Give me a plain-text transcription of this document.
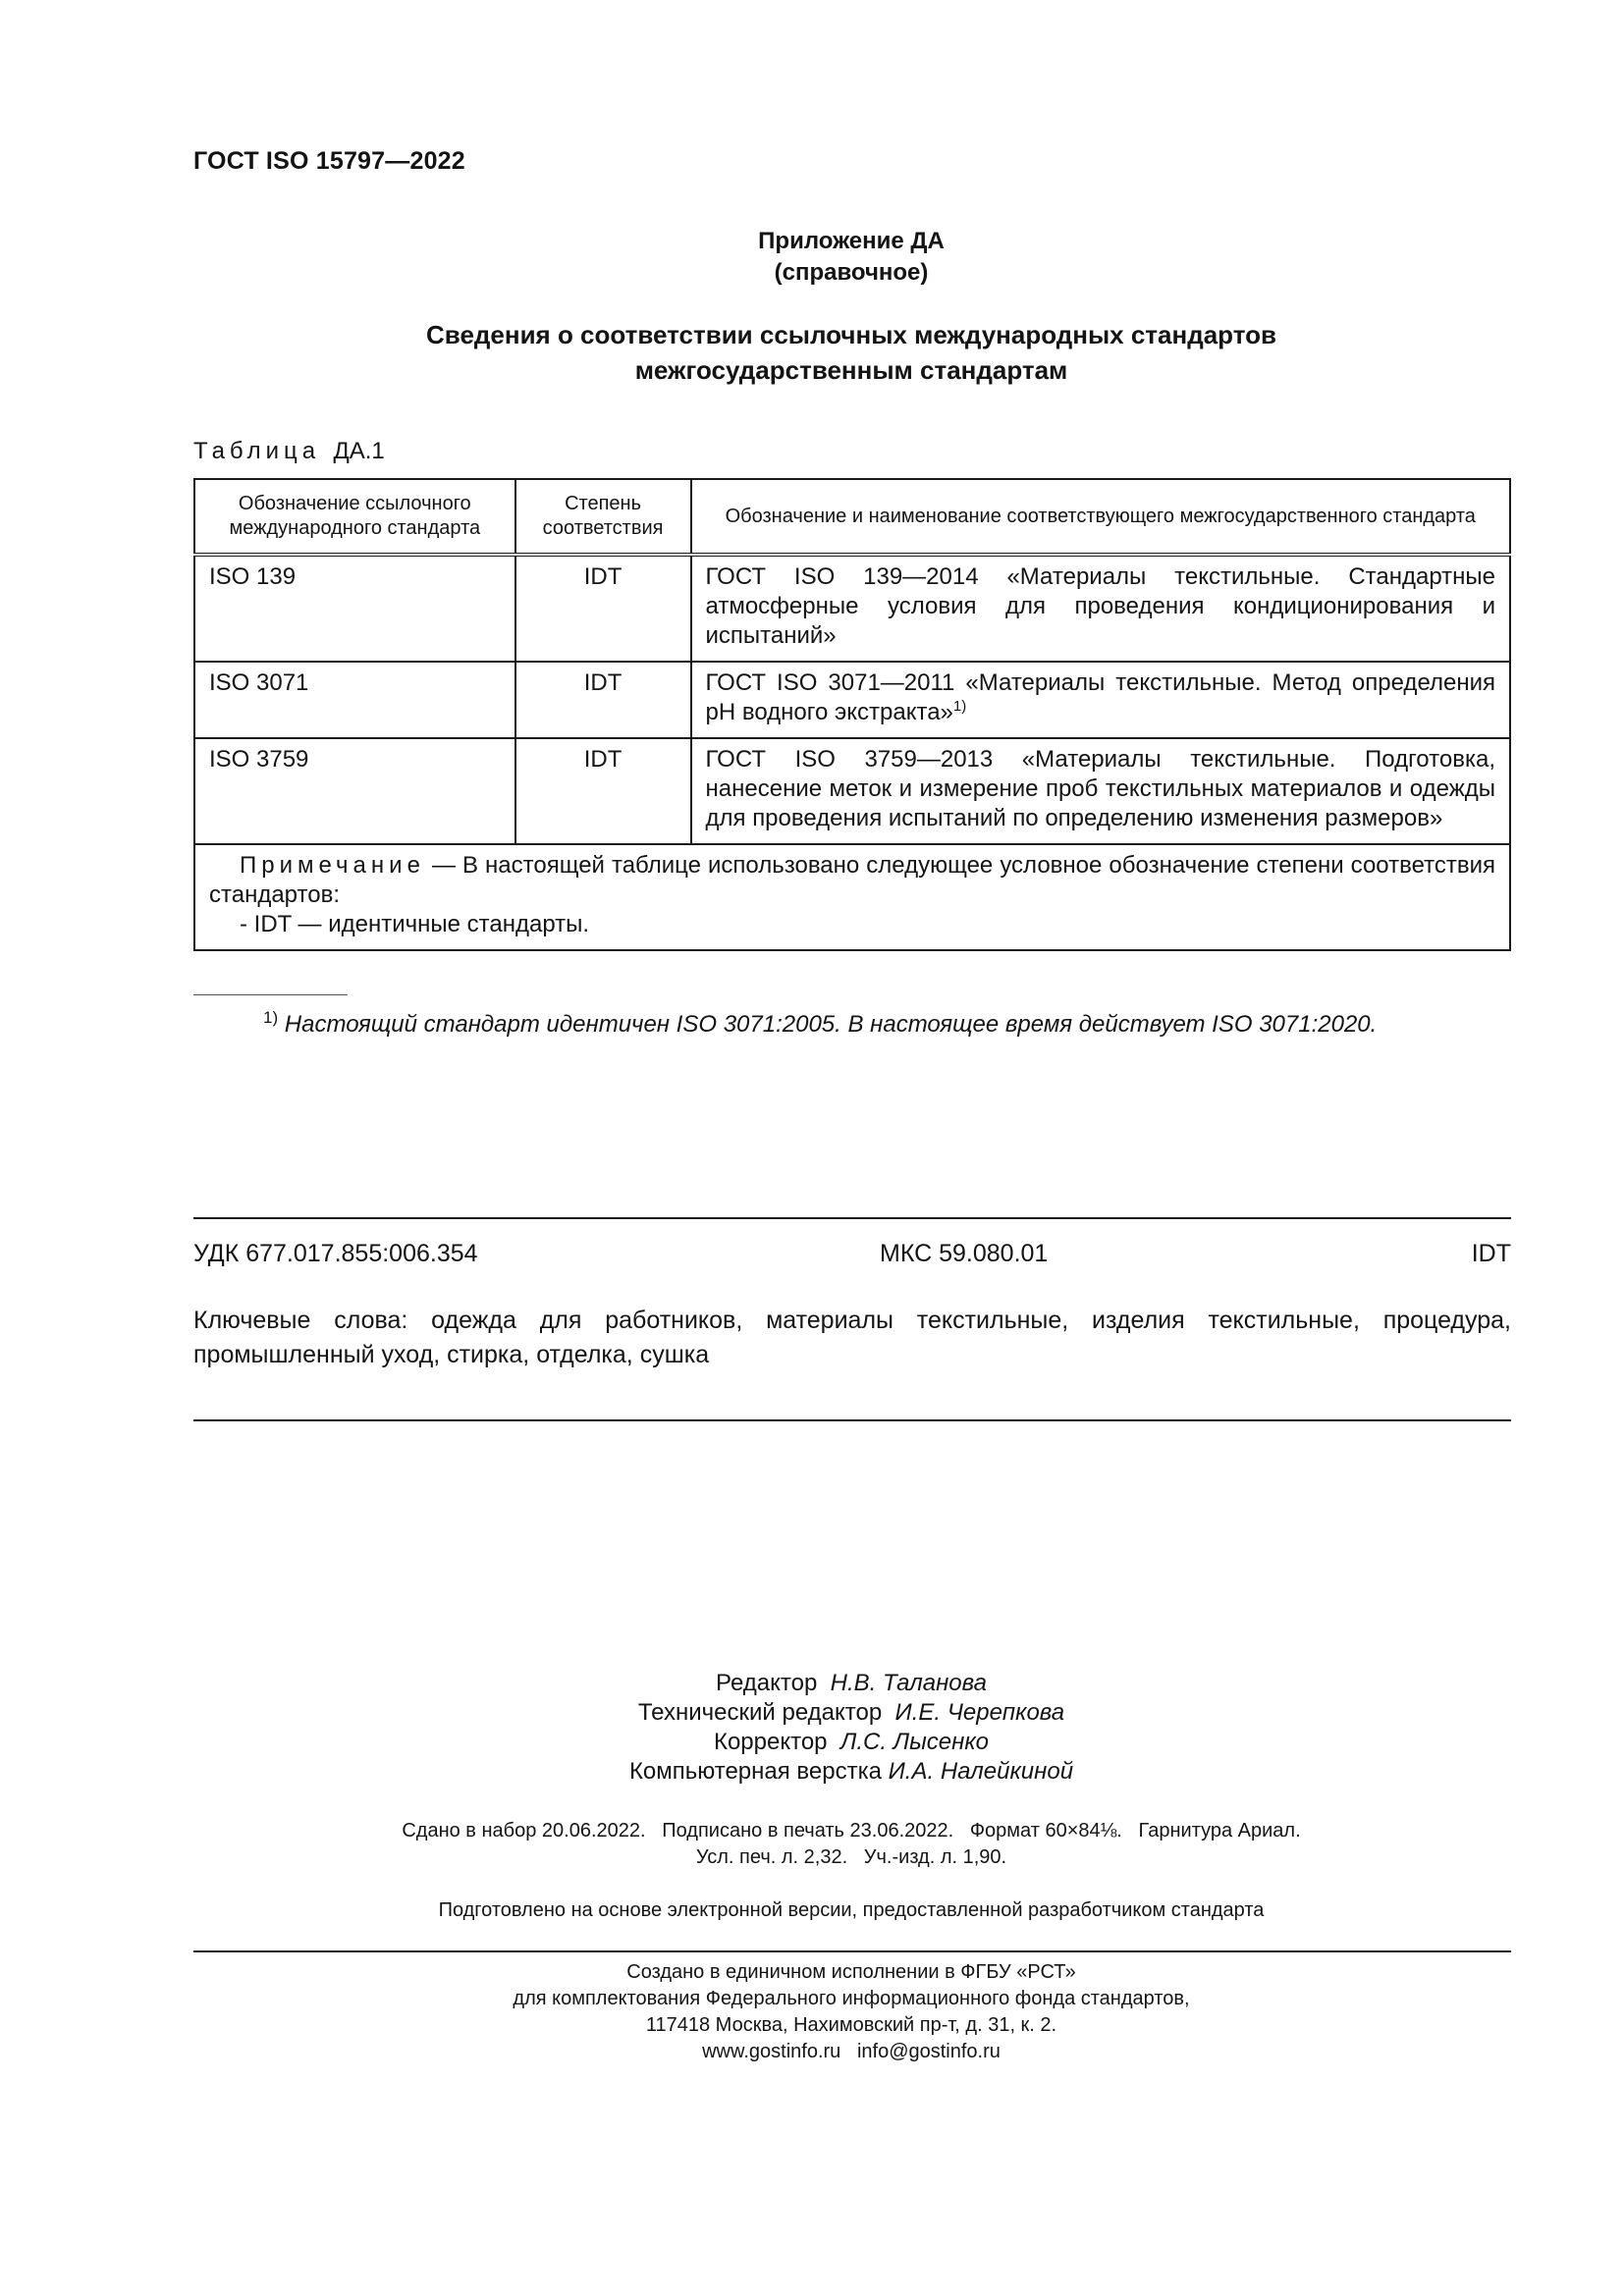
ГОСТ ISO 15797—2022
Приложение ДА
(справочное)
Сведения о соответствии ссылочных международных стандартов
межгосударственным стандартам
Таблица ДА.1
Обозначение ссылочного международного стандарта	Степень соответствия	Обозначение и наименование соответствующего межгосударственного стандарта
ISO 139	IDT	ГОСТ ISO 139—2014 «Материалы текстильные. Стандартные атмосферные условия для проведения кондиционирования и испытаний»
ISO 3071	IDT	ГОСТ ISO 3071—2011 «Материалы текстильные. Метод определения pH водного экстракта»$^{1)}$
ISO 3759	IDT	ГОСТ ISO 3759—2013 «Материалы текстильные. Подготовка, нанесение меток и измерение проб текстильных материалов и одежды для проведения испытаний по определению изменения размеров»

Примечание — В настоящей таблице использовано следующее условное обозначение степени соответствия стандартов:
- IDT — идентичные стандарты.		
$^{1)}$ Настоящий стандарт идентичен ISO 3071:2005. В настоящее время действует ISO 3071:2020.
УДК 677.017.855:006.354	МКС 59.080.01	IDT
Ключевые слова: одежда для работников, материалы текстильные, изделия текстильные, процедура, промышленный уход, стирка, отделка, сушка
Редактор Н.В. Таланова
Технический редактор И.Е. Черепкова
Корректор Л.С. Лысенко
Компьютерная верстка И.А. Налейкиной
Сдано в набор 20.06.2022.   Подписано в печать 23.06.2022.   Формат 60×84⅛.   Гарнитура Ариал.
Усл. печ. л. 2,32.   Уч.-изд. л. 1,90.
Подготовлено на основе электронной версии, предоставленной разработчиком стандарта
Создано в единичном исполнении в ФГБУ «РСТ»
для комплектования Федерального информационного фонда стандартов,
117418 Москва, Нахимовский пр-т, д. 31, к. 2.
www.gostinfo.ru   info@gostinfo.ru
